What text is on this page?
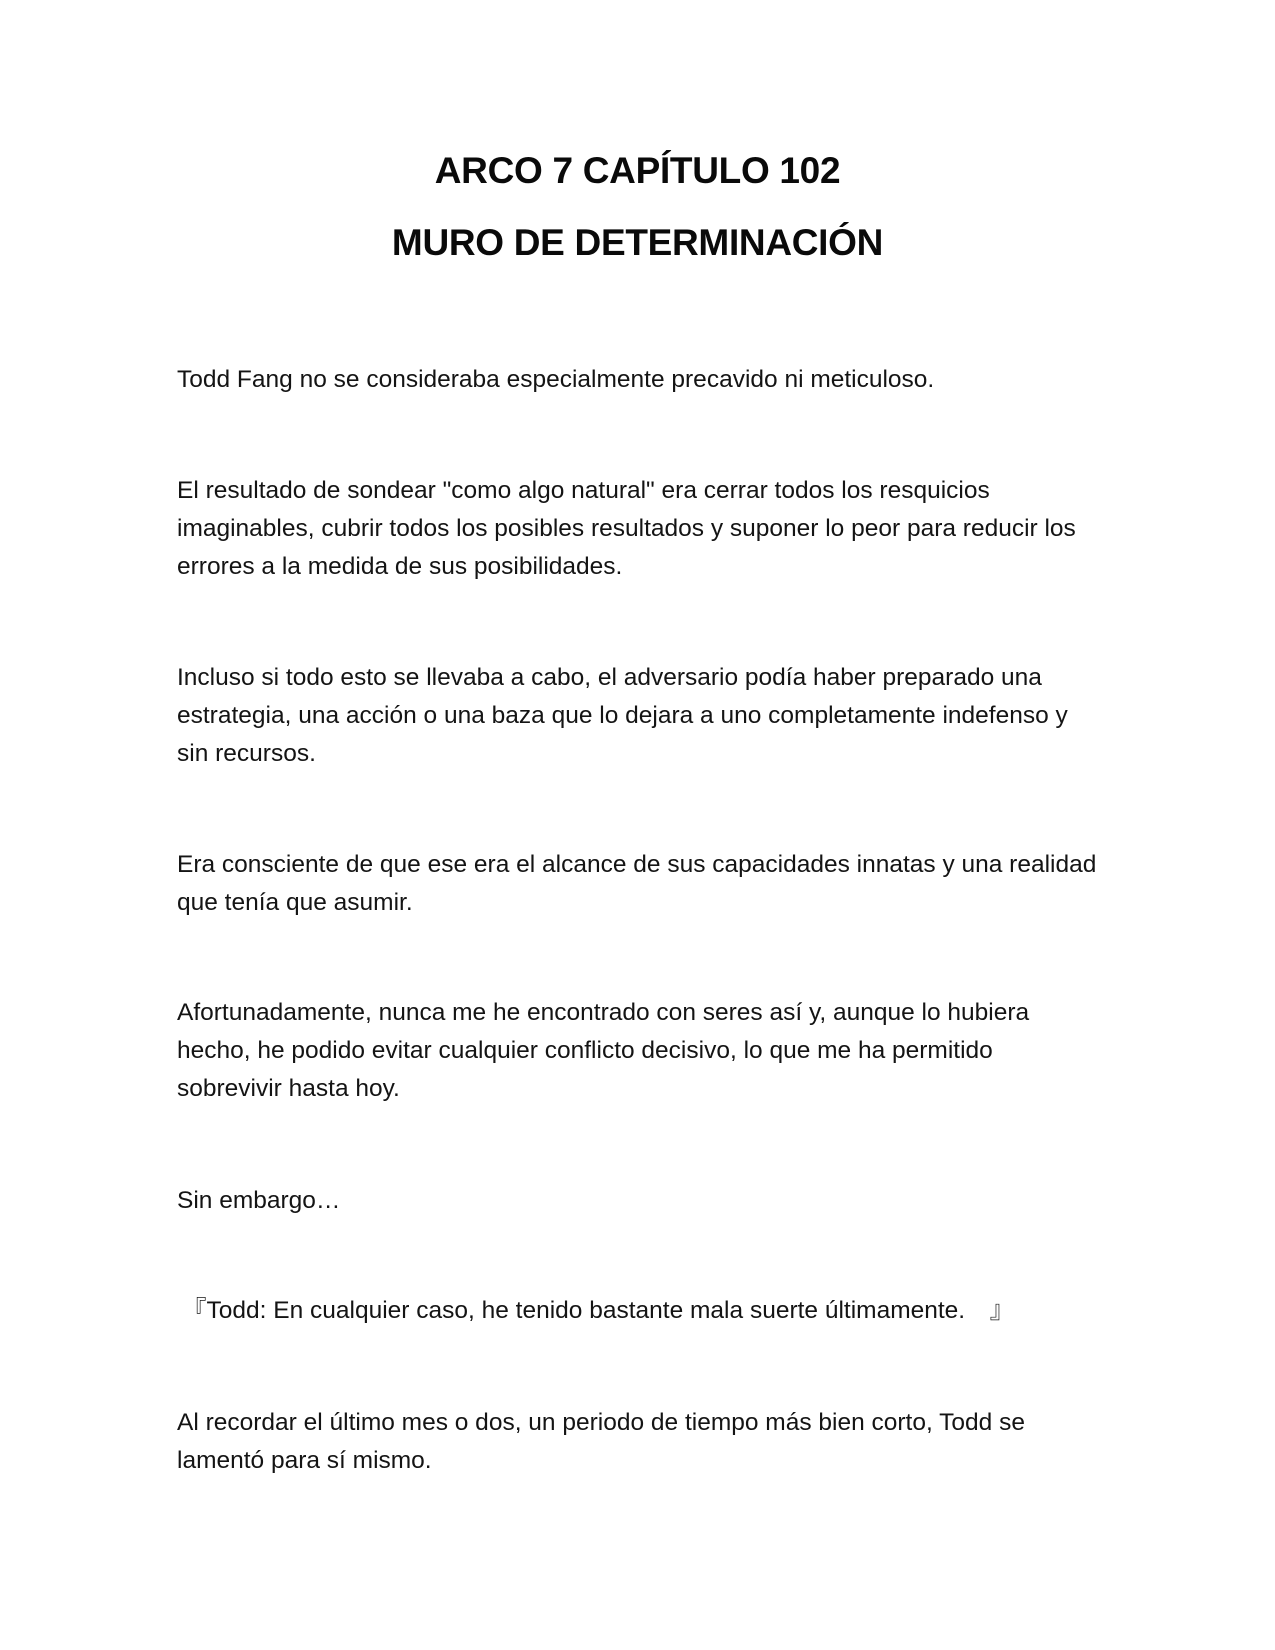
ARCO 7 CAPÍTULO 102
MURO DE DETERMINACIÓN

Todd Fang no se consideraba especialmente precavido ni meticuloso.

El resultado de sondear "como algo natural" era cerrar todos los resquicios imaginables, cubrir todos los posibles resultados y suponer lo peor para reducir los errores a la medida de sus posibilidades.

Incluso si todo esto se llevaba a cabo, el adversario podía haber preparado una estrategia, una acción o una baza que lo dejara a uno completamente indefenso y sin recursos.

Era consciente de que ese era el alcance de sus capacidades innatas y una realidad que tenía que asumir.

Afortunadamente, nunca me he encontrado con seres así y, aunque lo hubiera hecho, he podido evitar cualquier conflicto decisivo, lo que me ha permitido sobrevivir hasta hoy.

Sin embargo…

『Todd: En cualquier caso, he tenido bastante mala suerte últimamente.　』

Al recordar el último mes o dos, un periodo de tiempo más bien corto, Todd se lamentó para sí mismo.
